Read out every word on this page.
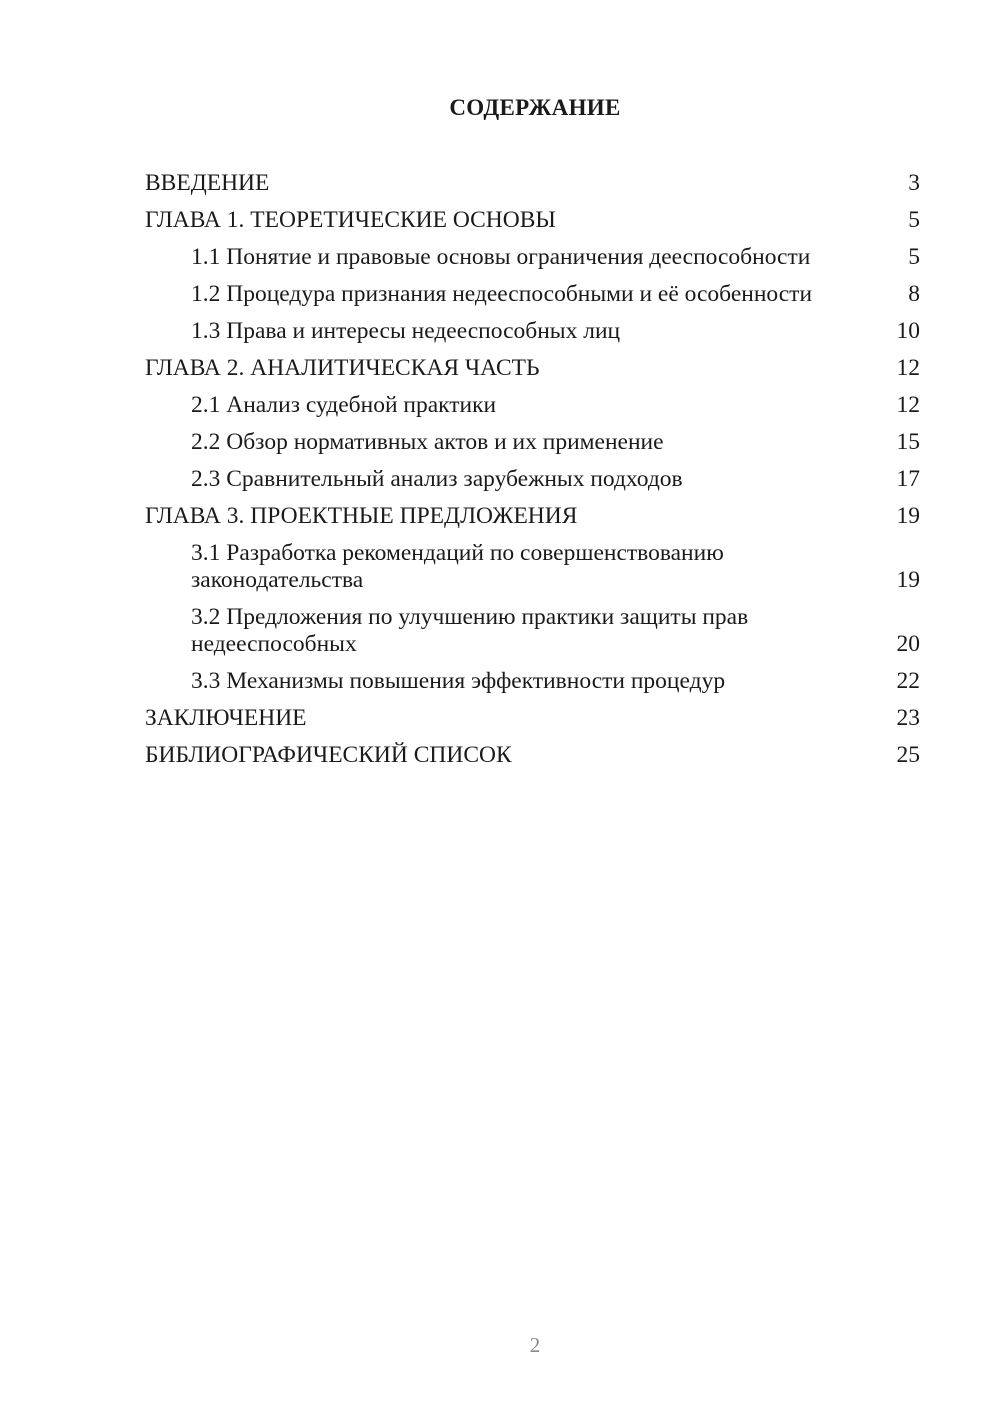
СОДЕРЖАНИЕ
ВВЕДЕНИЕ	3
ГЛАВА 1. ТЕОРЕТИЧЕСКИЕ ОСНОВЫ	5
1.1 Понятие и правовые основы ограничения дееспособности	5
1.2 Процедура признания недееспособными и её особенности	8
1.3 Права и интересы недееспособных лиц	10
ГЛАВА 2. АНАЛИТИЧЕСКАЯ ЧАСТЬ	12
2.1 Анализ судебной практики	12
2.2 Обзор нормативных актов и их применение	15
2.3 Сравнительный анализ зарубежных подходов	17
ГЛАВА 3. ПРОЕКТНЫЕ ПРЕДЛОЖЕНИЯ	19
3.1 Разработка рекомендаций по совершенствованию законодательства	19
3.2 Предложения по улучшению практики защиты прав недееспособных	20
3.3 Механизмы повышения эффективности процедур	22
ЗАКЛЮЧЕНИЕ	23
БИБЛИОГРАФИЧЕСКИЙ СПИСОК	25
2
